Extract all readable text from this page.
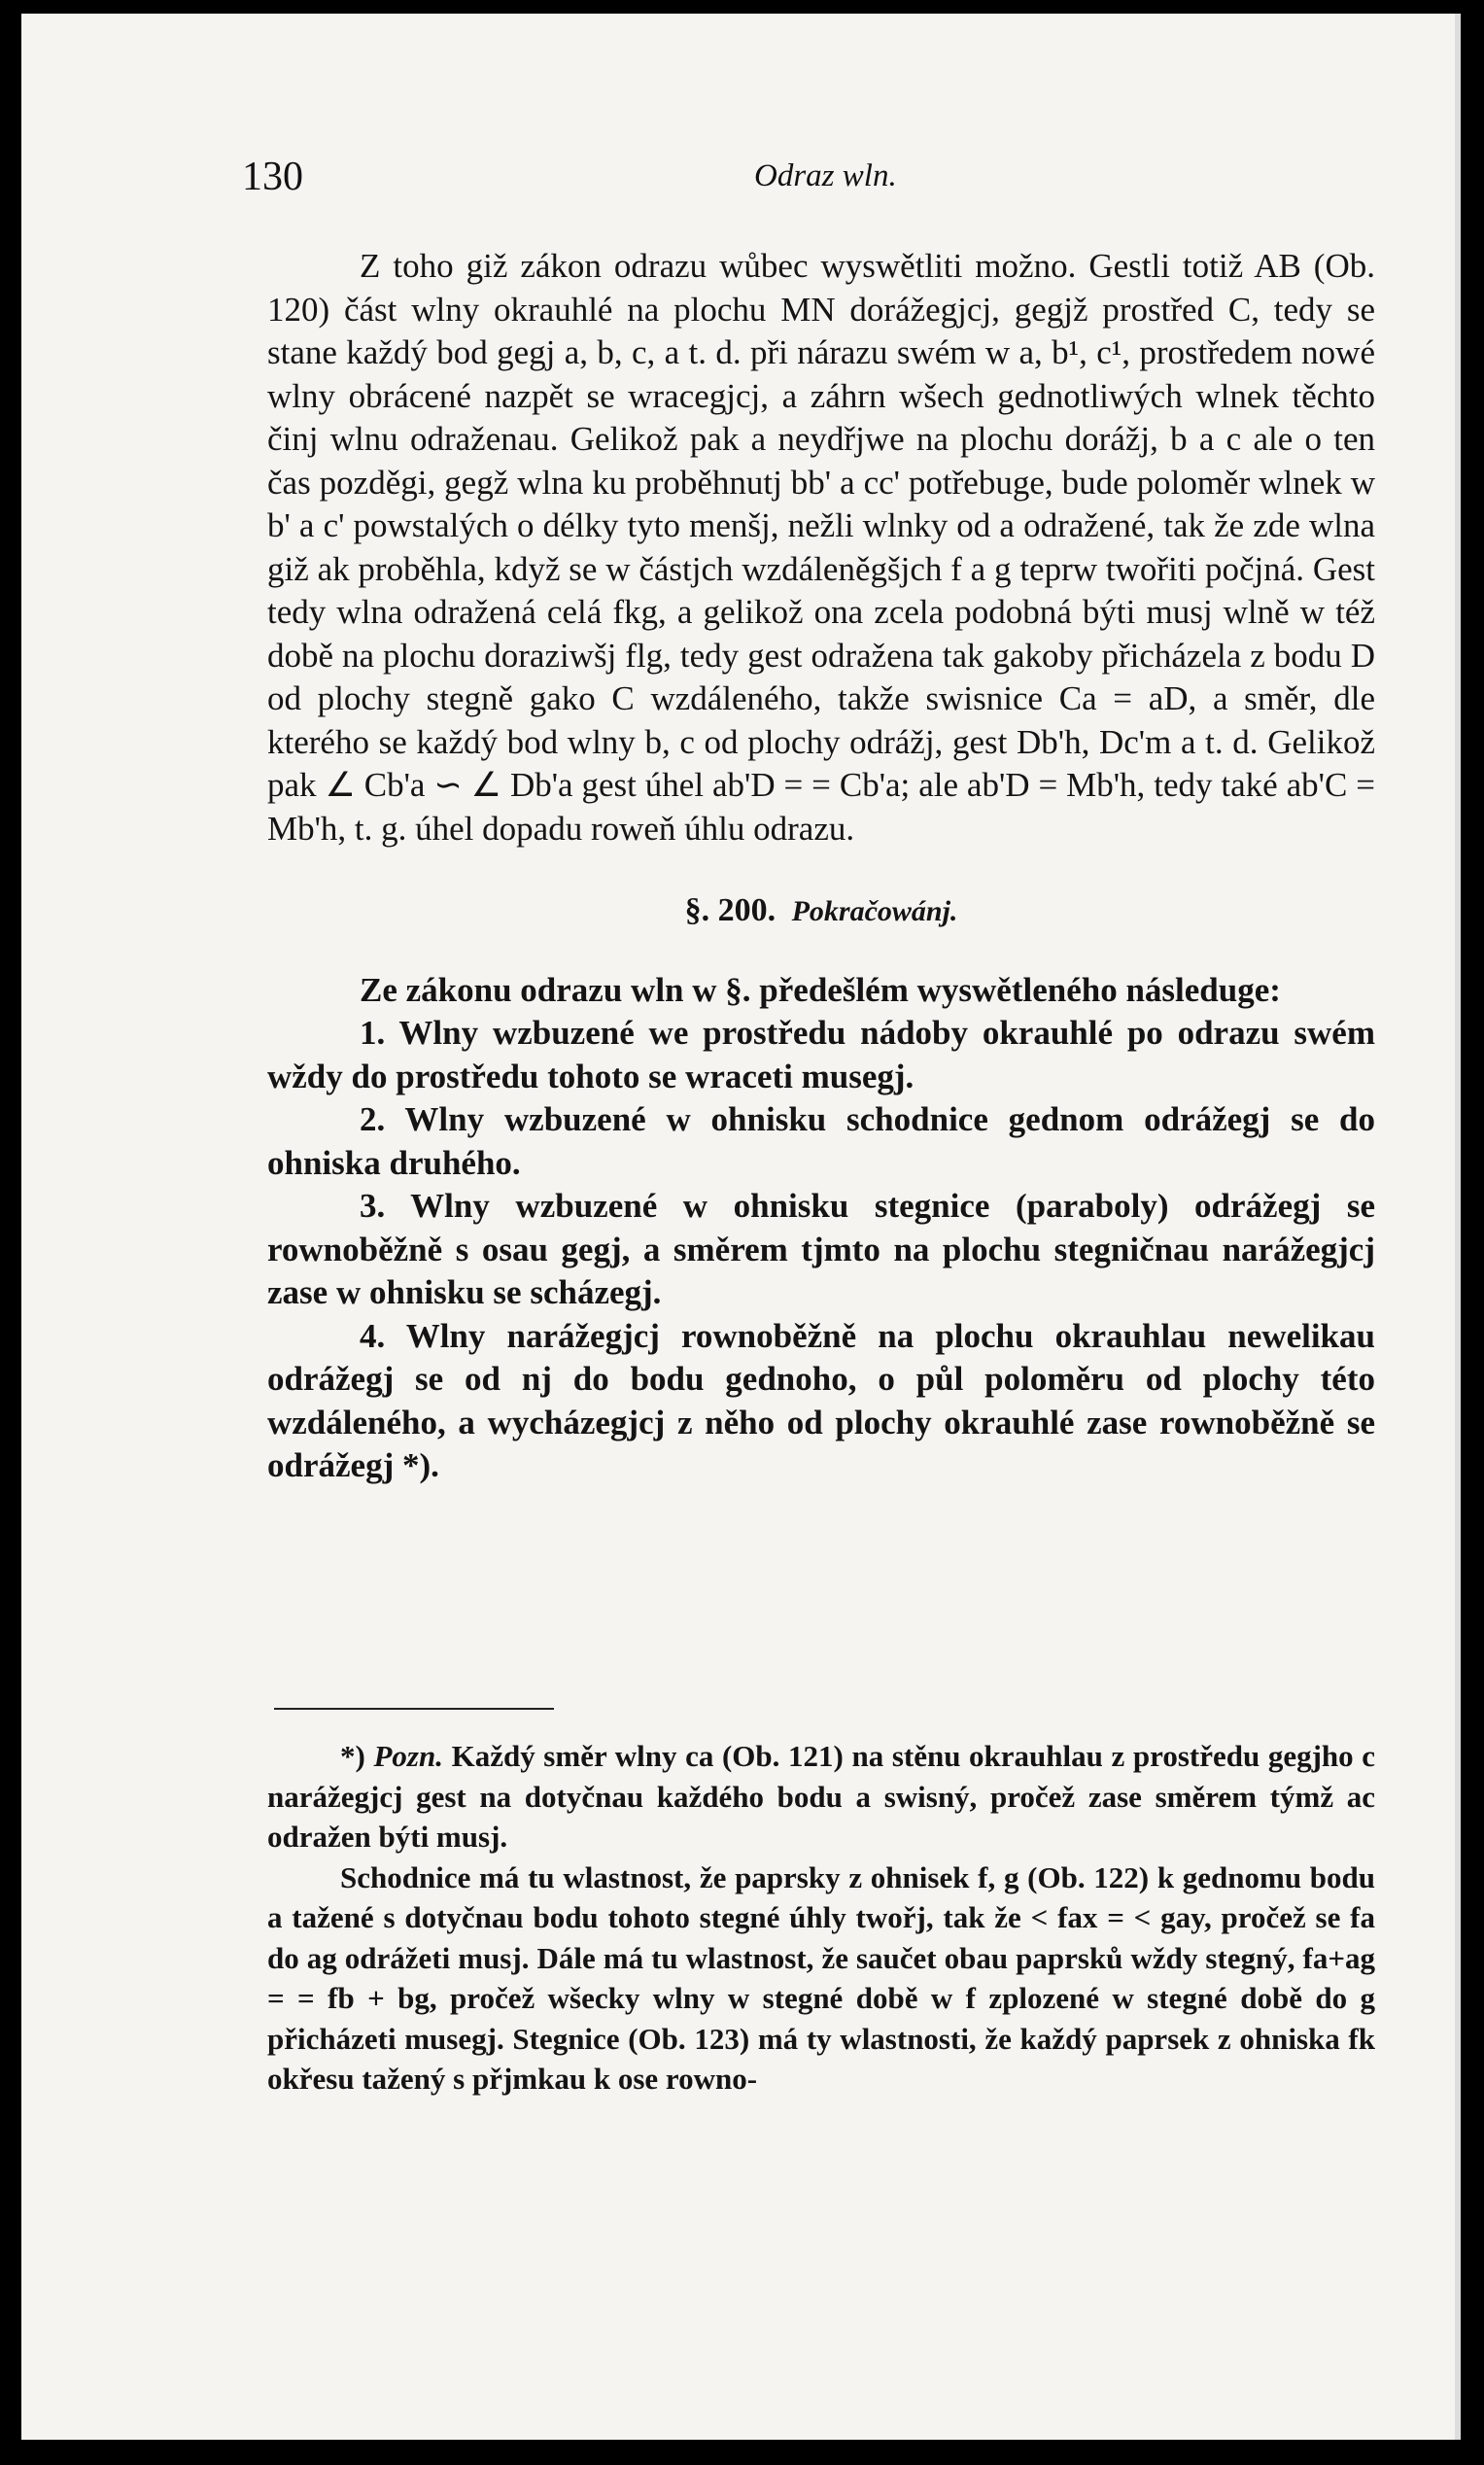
130	Odraz wln.

Z toho giž zákon odrazu wůbec wyswětliti možno. Gestli totiž AB (Ob. 120) část wlny okrauhlé na plochu MN dorážegjcj, gegjž prostřed C, tedy se stane každý bod gegj a, b, c, a t. d. při nárazu swém w a, b¹, c¹, prostředem nowé wlny obrácené nazpět se wracegjcj, a záhrn wšech gednotliwých wlnek těchto činj wlnu odraženau. Gelikož pak a neydřjwe na plochu dorážj, b a c ale o ten čas pozděgi, gegž wlna ku proběhnutj bb' a cc' potřebuge, bude poloměr wlnek w b' a c' powstalých o délky tyto menšj, nežli wlnky od a odražené, tak že zde wlna giž ak proběhla, když se w částjch wzdáleněgšjch f a g teprw twořiti počjná. Gest tedy wlna odražená celá fkg, a gelikož ona zcela podobná býti musj wlně w též době na plochu doraziwšj flg, tedy gest odražena tak gakoby přicházela z bodu D od plochy stegně gako C wzdáleného, takže swisnice Ca = aD, a směr, dle kterého se každý bod wlny b, c od plochy odrážj, gest Db'h, Dc'm a t. d. Gelikož pak ∠ Cb'a ∽ ∠ Db'a gest úhel ab'D = = Cb'a; ale ab'D = Mb'h, tedy také ab'C = Mb'h, t. g. úhel dopadu roweň úhlu odrazu.

§. 200. Pokračowánj.

Ze zákonu odrazu wln w §. předešlém wyswětleného následuge:

1. Wlny wzbuzené we prostředu nádoby okrauhlé po odrazu swém wždy do prostředu tohoto se wraceti musegj.

2. Wlny wzbuzené w ohnisku schodnice gednom odrážegj se do ohniska druhého.

3. Wlny wzbuzené w ohnisku stegnice (paraboly) odrážegj se rownoběžně s osau gegj, a směrem tjmto na plochu stegničnau narážegjcj zase w ohnisku se scházegj.

4. Wlny narážegjcj rownoběžně na plochu okrauhlau newelikau odrážegj se od nj do bodu gednoho, o půl poloměru od plochy této wzdáleného, a wycházegjcj z něho od plochy okrauhlé zase rownoběžně se odrážegj *).

*) Pozn. Každý směr wlny ca (Ob. 121) na stěnu okrauhlau z prostředu gegjho c narážegjcj gest na dotyčnau každého bodu a swisný, pročež zase směrem týmž ac odražen býti musj.

Schodnice má tu wlastnost, že paprsky z ohnisek f, g (Ob. 122) k gednomu bodu a tažené s dotyčnau bodu tohoto stegné úhly twořj, tak že < fax = < gay, pročež se fa do ag odrážeti musj. Dále má tu wlastnost, že saučet obau paprsků wždy stegný, fa+ag = = fb + bg, pročež wšecky wlny w stegné době w f zplozené w stegné době do g přicházeti musegj. Stegnice (Ob. 123) má ty wlastnosti, že každý paprsek z ohniska fk okřesu tažený s přjmkau k ose rowno-
